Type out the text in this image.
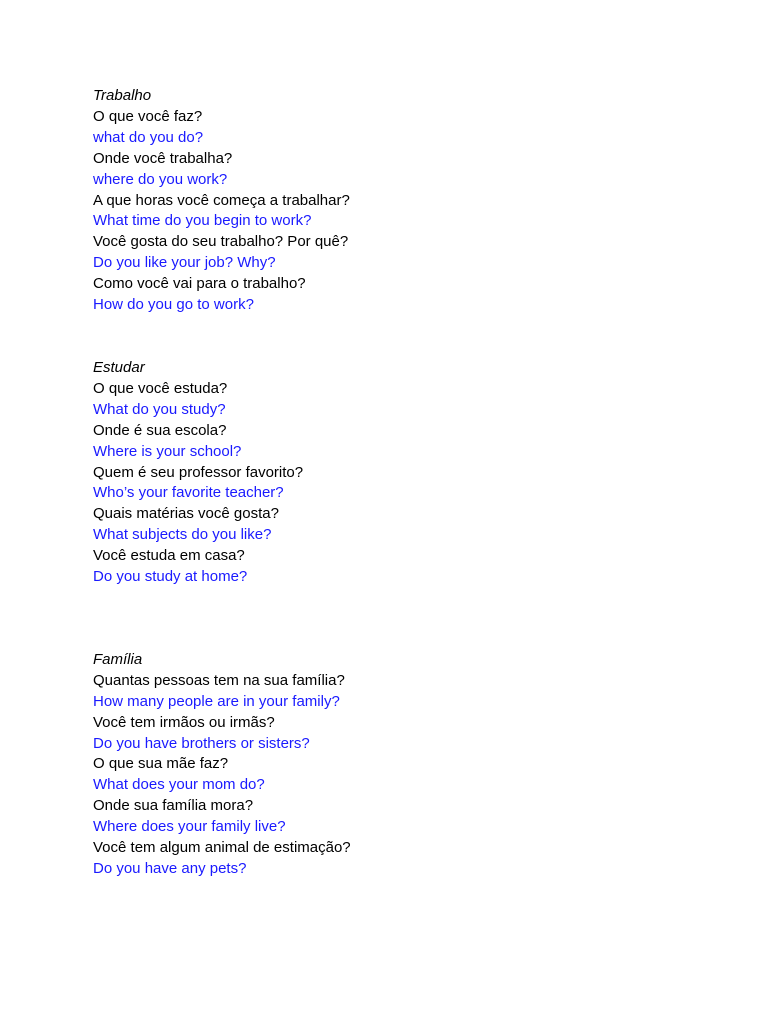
Trabalho
O que você faz?
what do you do?
Onde você trabalha?
where do you work?
A que horas você começa a trabalhar?
What time do you begin to work?
Você gosta do seu trabalho? Por quê?
Do you like your job? Why?
Como você vai para o trabalho?
How do you go to work?
Estudar
O que você estuda?
What do you study?
Onde é sua escola?
Where is your school?
Quem é seu professor favorito?
Who’s your favorite teacher?
Quais matérias você gosta?
What subjects do you like?
Você estuda em casa?
Do you study at home?
Família
Quantas pessoas tem na sua família?
How many people are in your family?
Você tem irmãos ou irmãs?
Do you have brothers or sisters?
O que sua mãe faz?
What does your mom do?
Onde sua família mora?
Where does your family live?
Você tem algum animal de estimação?
Do you have any pets?
